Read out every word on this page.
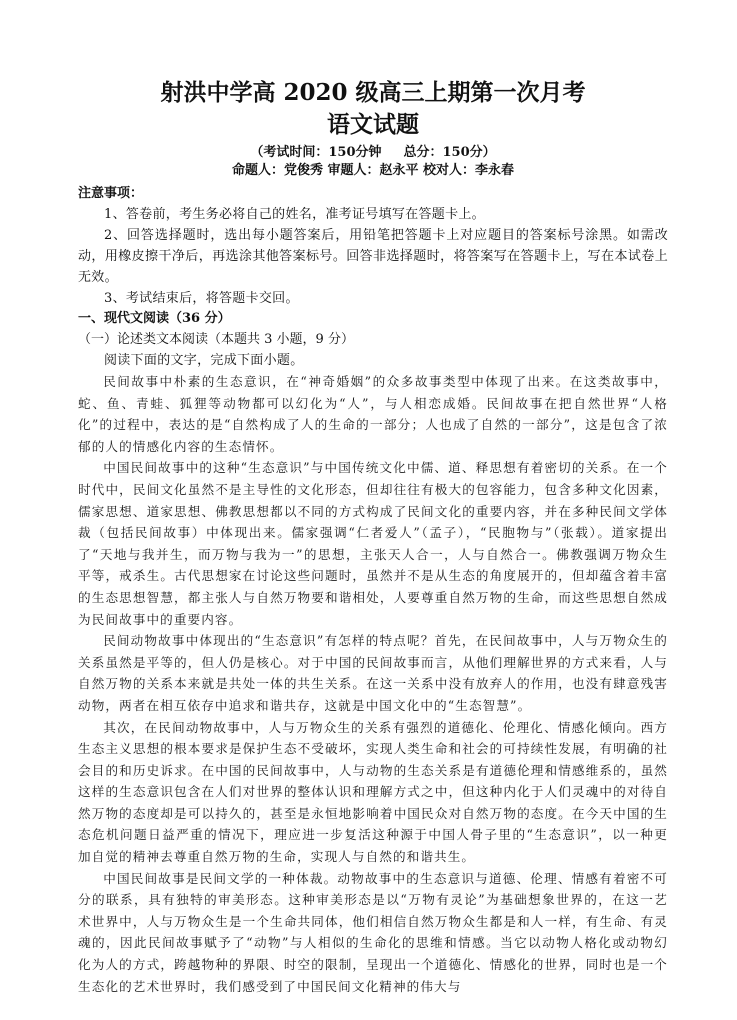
射洪中学高 2020 级高三上期第一次月考
语文试题
（考试时间：150分钟 总分：150分）
命题人：党俊秀 审题人：赵永平 校对人：李永春
注意事项：

1、答卷前，考生务必将自己的姓名，准考证号填写在答题卡上。

2、回答选择题时，选出每小题答案后，用铅笔把答题卡上对应题目的答案标号涂黑。如需改动，用橡皮擦干净后，再选涂其他答案标号。回答非选择题时，将答案写在答题卡上，写在本试卷上无效。

3、考试结束后，将答题卡交回。

一、现代文阅读（36 分）

（一）论述类文本阅读（本题共 3 小题，9 分）

阅读下面的文字，完成下面小题。

民间故事中朴素的生态意识，在“神奇婚姻”的众多故事类型中体现了出来。在这类故事中，蛇、鱼、青蛙、狐狸等动物都可以幻化为“人”，与人相恋成婚。民间故事在把自然世界“人格化”的过程中，表达的是“自然构成了人的生命的一部分；人也成了自然的一部分”，这是包含了浓郁的人的情感化内容的生态情怀。

中国民间故事中的这种“生态意识”与中国传统文化中儒、道、释思想有着密切的关系。在一个时代中，民间文化虽然不是主导性的文化形态，但却往往有极大的包容能力，包含多种文化因素，儒家思想、道家思想、佛教思想都以不同的方式构成了民间文化的重要内容，并在多种民间文学体裁（包括民间故事）中体现出来。儒家强调“仁者爱人”（孟子），“民胞物与”（张载）。道家提出了“天地与我并生，而万物与我为一”的思想，主张天人合一，人与自然合一。佛教强调万物众生平等，戒杀生。古代思想家在讨论这些问题时，虽然并不是从生态的角度展开的，但却蕴含着丰富的生态思想智慧，都主张人与自然万物要和谐相处，人要尊重自然万物的生命，而这些思想自然成为民间故事中的重要内容。

民间动物故事中体现出的“生态意识”有怎样的特点呢？首先，在民间故事中，人与万物众生的关系虽然是平等的，但人仍是核心。对于中国的民间故事而言，从他们理解世界的方式来看，人与自然万物的关系本来就是共处一体的共生关系。在这一关系中没有放弃人的作用，也没有肆意残害动物，两者在相互依存中追求和谐共存，这就是中国文化中的“生态智慧”。

其次，在民间动物故事中，人与万物众生的关系有强烈的道德化、伦理化、情感化倾向。西方生态主义思想的根本要求是保护生态不受破坏，实现人类生命和社会的可持续性发展，有明确的社会目的和历史诉求。在中国的民间故事中，人与动物的生态关系是有道德伦理和情感维系的，虽然这样的生态意识包含在人们对世界的整体认识和理解方式之中，但这种内化于人们灵魂中的对待自然万物的态度却是可以持久的，甚至是永恒地影响着中国民众对自然万物的态度。在今天中国的生态危机问题日益严重的情况下，理应进一步复活这种源于中国人骨子里的“生态意识”，以一种更加自觉的精神去尊重自然万物的生命，实现人与自然的和谐共生。

中国民间故事是民间文学的一种体裁。动物故事中的生态意识与道德、伦理、情感有着密不可分的联系，具有独特的审美形态。这种审美形态是以“万物有灵论”为基础想象世界的，在这一艺术世界中，人与万物众生是一个生命共同体，他们相信自然万物众生都是和人一样，有生命、有灵魂的，因此民间故事赋予了“动物”与人相似的生命化的思维和情感。当它以动物人格化或动物幻化为人的方式，跨越物种的界限、时空的限制，呈现出一个道德化、情感化的世界，同时也是一个生态化的艺术世界时，我们感受到了中国民间文化精神的伟大与
